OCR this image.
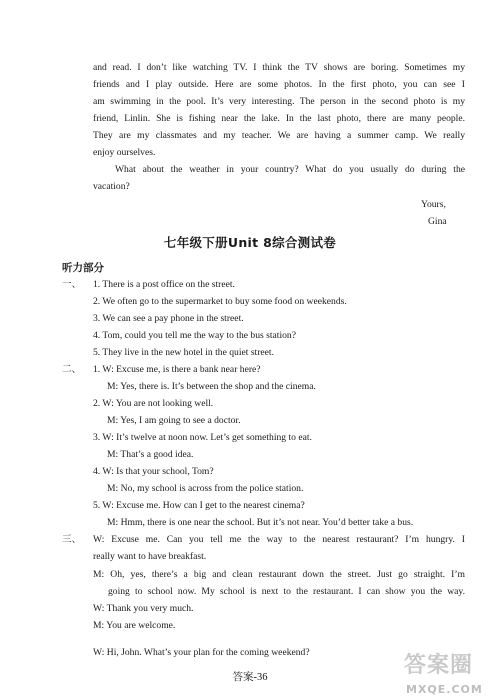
and read. I don’t like watching TV. I think the TV shows are boring. Sometimes my
friends and I play outside. Here are some photos. In the first photo, you can see I
am swimming in the pool. It’s very interesting. The person in the second photo is my
friend, Linlin. She is fishing near the lake. In the last photo, there are many people.
They are my classmates and my teacher. We are having a summer camp. We really
enjoy ourselves.
What about the weather in your country? What do you usually do during the
vacation?
Yours,
Gina
七年级下册Unit 8综合测试卷
听力部分
一、 1. There is a post office on the street.
2. We often go to the supermarket to buy some food on weekends.
3. We can see a pay phone in the street.
4. Tom, could you tell me the way to the bus station?
5. They live in the new hotel in the quiet street.
二、 1. W: Excuse me, is there a bank near here?
M: Yes, there is. It’s between the shop and the cinema.
2. W: You are not looking well.
M: Yes, I am going to see a doctor.
3. W: It’s twelve at noon now. Let’s get something to eat.
M: That’s a good idea.
4. W: Is that your school, Tom?
M: No, my school is across from the police station.
5. W: Excuse me. How can I get to the nearest cinema?
M: Hmm, there is one near the school. But it’s not near. You’d better take a bus.
三、 W: Excuse me. Can you tell me the way to the nearest restaurant? I’m hungry. I
really want to have breakfast.
M: Oh, yes, there’s a big and clean restaurant down the street. Just go straight. I’m
going to school now. My school is next to the restaurant. I can show you the way.
W: Thank you very much.
M: You are welcome.
W: Hi, John. What’s your plan for the coming weekend?
答案-36	答案圈
MXQE.COM
